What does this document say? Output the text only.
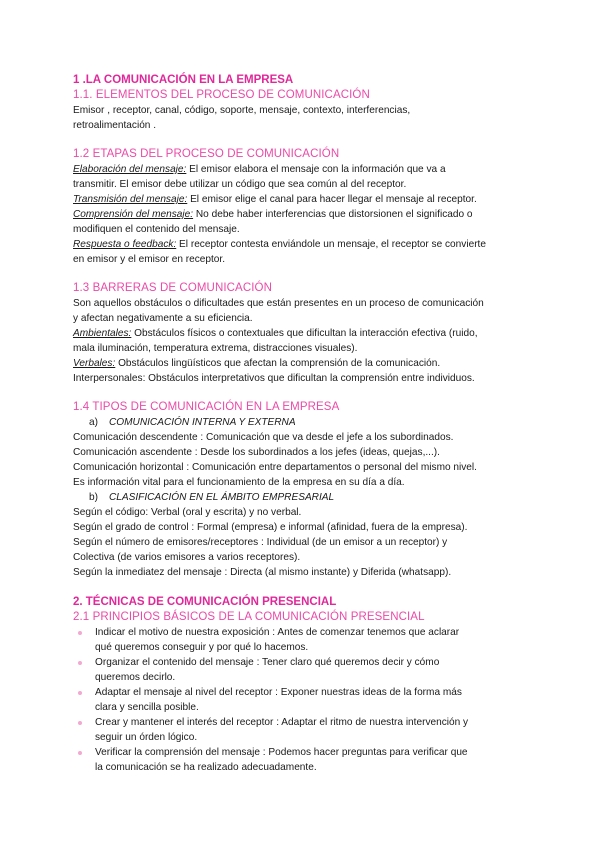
1 .LA COMUNICACIÓN EN LA EMPRESA

1.1. ELEMENTOS DEL PROCESO DE COMUNICACIÓN

Emisor , receptor, canal, código, soporte, mensaje, contexto, interferencias,

retroalimentación .

1.2 ETAPAS DEL PROCESO DE COMUNICACIÓN

Elaboración del mensaje: El emisor elabora el mensaje con la información que va a

transmitir. El emisor debe utilizar un código que sea común al del receptor.

Transmisión del mensaje: El emisor elige el canal para hacer llegar el mensaje al receptor.

Comprensión del mensaje: No debe haber interferencias que distorsionen el significado o

modifiquen el contenido del mensaje.

Respuesta o feedback: El receptor contesta enviándole un mensaje, el receptor se convierte

en emisor y el emisor en receptor.

1.3 BARRERAS DE COMUNICACIÓN

Son aquellos obstáculos o dificultades que están presentes en un proceso de comunicación

y afectan negativamente a su eficiencia.

Ambientales: Obstáculos físicos o contextuales que dificultan la interacción efectiva (ruido,

mala iluminación, temperatura extrema, distracciones visuales).

Verbales: Obstáculos lingüísticos que afectan la comprensión de la comunicación.

Interpersonales: Obstáculos interpretativos que dificultan la comprensión entre individuos.

1.4 TIPOS DE COMUNICACIÓN EN LA EMPRESA

a) COMUNICACIÓN INTERNA Y EXTERNA

Comunicación descendente : Comunicación que va desde el jefe a los subordinados.

Comunicación ascendente : Desde los subordinados a los jefes (ideas, quejas,...).

Comunicación horizontal : Comunicación entre departamentos o personal del mismo nivel.

Es información vital para el funcionamiento de la empresa en su día a día.

b) CLASIFICACIÓN EN EL ÁMBITO EMPRESARIAL

Según el código: Verbal (oral y escrita) y no verbal.

Según el grado de control : Formal (empresa) e informal (afinidad, fuera de la empresa).

Según el número de emisores/receptores : Individual (de un emisor a un receptor) y

Colectiva (de varios emisores a varios receptores).

Según la inmediatez del mensaje : Directa (al mismo instante) y Diferida (whatsapp).

2. TÉCNICAS DE COMUNICACIÓN PRESENCIAL

2.1 PRINCIPIOS BÁSICOS DE LA COMUNICACIÓN PRESENCIAL

Indicar el motivo de nuestra exposición : Antes de comenzar tenemos que aclarar
qué queremos conseguir y por qué lo hacemos.
Organizar el contenido del mensaje : Tener claro qué queremos decir y cómo
queremos decirlo.
Adaptar el mensaje al nivel del receptor : Exponer nuestras ideas de la forma más
clara y sencilla posible.
Crear y mantener el interés del receptor : Adaptar el ritmo de nuestra intervención y
seguir un órden lógico.
Verificar la comprensión del mensaje : Podemos hacer preguntas para verificar que
la comunicación se ha realizado adecuadamente.
